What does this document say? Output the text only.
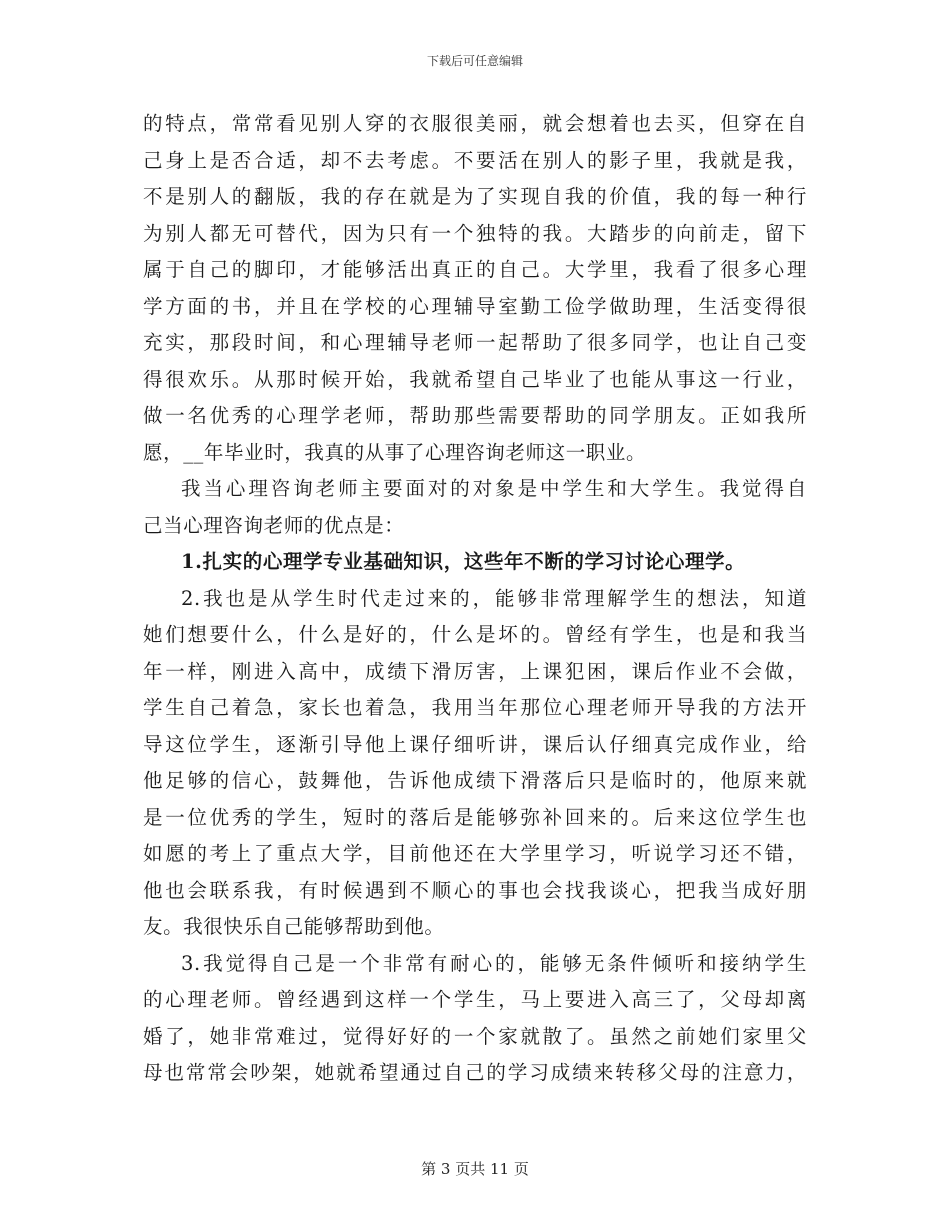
下载后可任意编辑
的特点，常常看见别人穿的衣服很美丽，就会想着也去买，但穿在自
己身上是否合适，却不去考虑。不要活在别人的影子里，我就是我，
不是别人的翻版，我的存在就是为了实现自我的价值，我的每一种行
为别人都无可替代，因为只有一个独特的我。大踏步的向前走，留下
属于自己的脚印，才能够活出真正的自己。大学里，我看了很多心理
学方面的书，并且在学校的心理辅导室勤工俭学做助理，生活变得很
充实，那段时间，和心理辅导老师一起帮助了很多同学，也让自己变
得很欢乐。从那时候开始，我就希望自己毕业了也能从事这一行业，
做一名优秀的心理学老师，帮助那些需要帮助的同学朋友。正如我所
愿，__年毕业时，我真的从事了心理咨询老师这一职业。
我当心理咨询老师主要面对的对象是中学生和大学生。我觉得自
己当心理咨询老师的优点是：
1.扎实的心理学专业基础知识，这些年不断的学习讨论心理学。
2.我也是从学生时代走过来的，能够非常理解学生的想法，知道
她们想要什么，什么是好的，什么是坏的。曾经有学生，也是和我当
年一样，刚进入高中，成绩下滑厉害，上课犯困，课后作业不会做，
学生自己着急，家长也着急，我用当年那位心理老师开导我的方法开
导这位学生，逐渐引导他上课仔细听讲，课后认仔细真完成作业，给
他足够的信心，鼓舞他，告诉他成绩下滑落后只是临时的，他原来就
是一位优秀的学生，短时的落后是能够弥补回来的。后来这位学生也
如愿的考上了重点大学，目前他还在大学里学习，听说学习还不错，
他也会联系我，有时候遇到不顺心的事也会找我谈心，把我当成好朋
友。我很快乐自己能够帮助到他。
3.我觉得自己是一个非常有耐心的，能够无条件倾听和接纳学生
的心理老师。曾经遇到这样一个学生，马上要进入高三了，父母却离
婚了，她非常难过，觉得好好的一个家就散了。虽然之前她们家里父
母也常常会吵架，她就希望通过自己的学习成绩来转移父母的注意力，
第 3 页共 11 页
